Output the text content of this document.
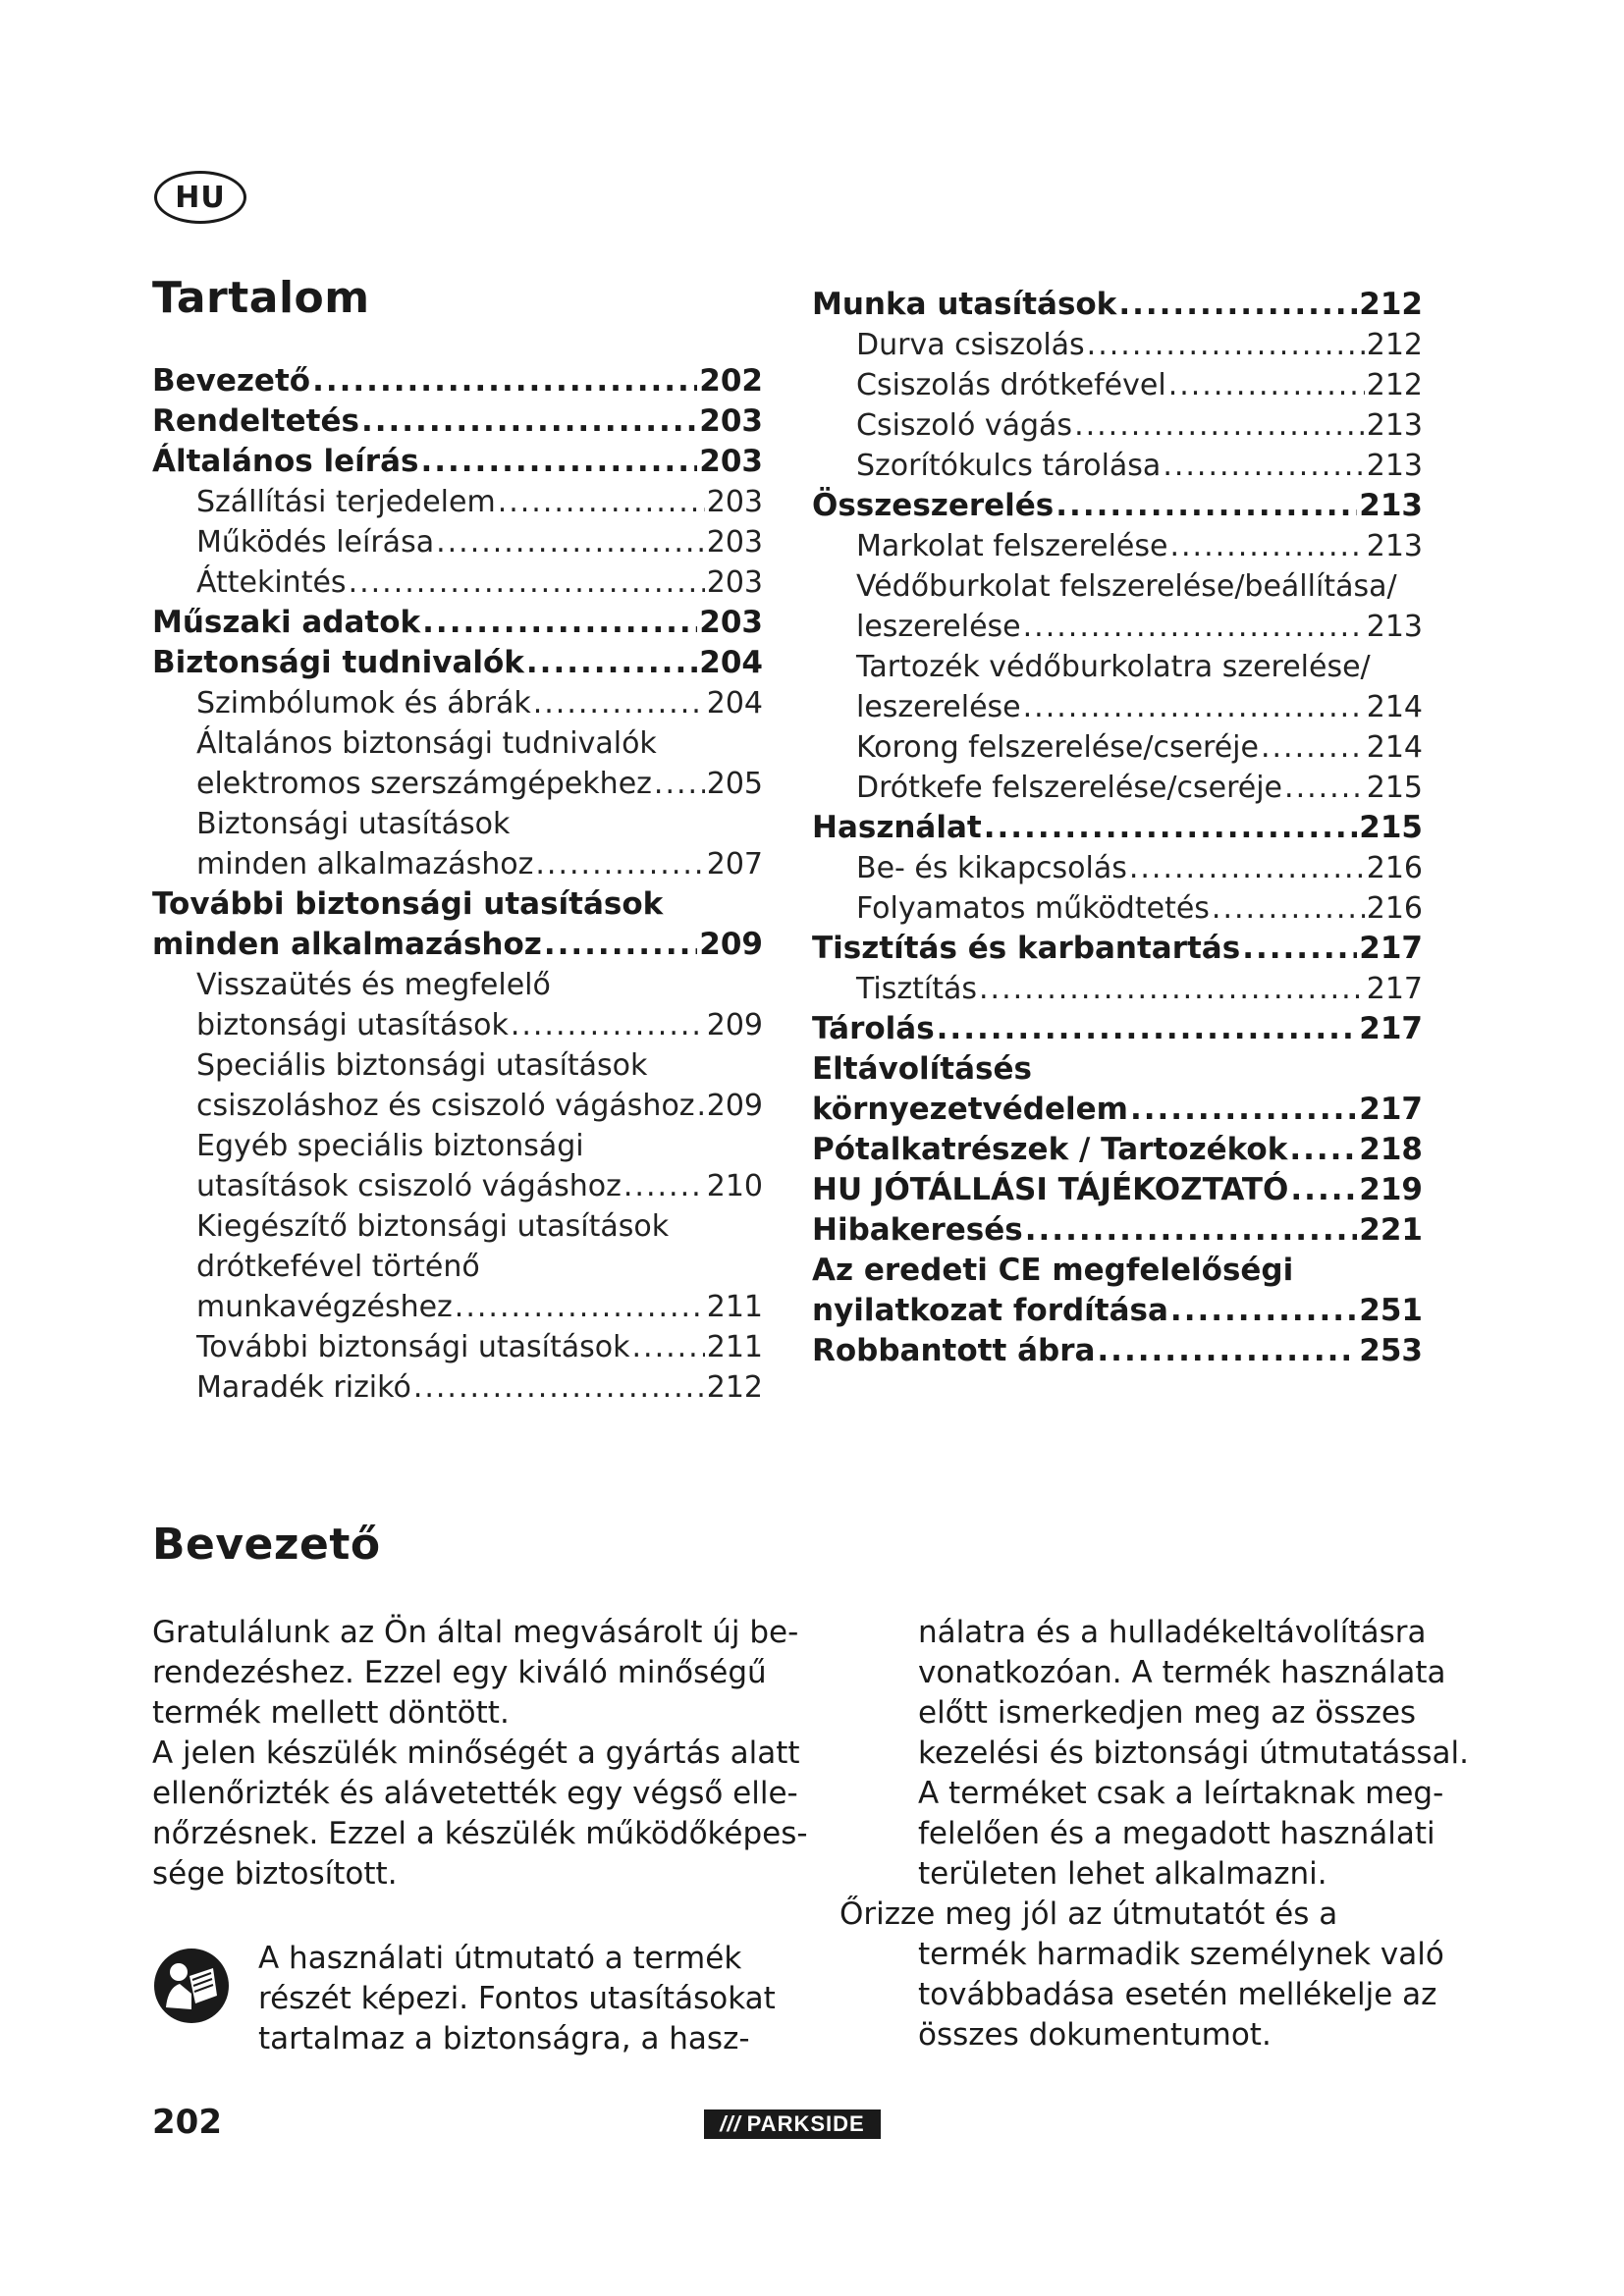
HU
Tartalom
Bevezető .....	202
Rendeltetés .....	203
Általános leírás .....	203
Szállítási terjedelem .....	203
Működés leírása .....	203
Áttekintés .....	203
Műszaki adatok .....	203
Biztonsági tudnivalók .....	204
Szimbólumok és ábrák .....	204
Általános biztonsági tudnivalók
elektromos szerszámgépekhez ..... 205
Biztonsági utasítások
minden alkalmazáshoz .....	207
További biztonsági utasítások
minden alkalmazáshoz .....	209
Visszaütés és megfelelő
biztonsági utasítások .....	209
Speciális biztonsági utasítások
csiszoláshoz és csiszoló vágáshoz ..... 209
Egyéb speciális biztonsági
utasítások csiszoló vágáshoz .....	210
Kiegészítő biztonsági utasítások
drótkefével történő
munkavégzéshez .....	211
További biztonsági utasítások .....	211
Maradék rizikó .....	212
Munka utasítások .....	212
Durva csiszolás .....	212
Csiszolás drótkefével .....	212
Csiszoló vágás .....	213
Szorítókulcs tárolása .....	213
Összeszerelés .....	213
Markolat felszerelése .....	213
Védőburkolat felszerelése/beállítása/
leszerelése .....	213
Tartozék védőburkolatra szerelése/
leszerelése .....	214
Korong felszerelése/cseréje .....	214
Drótkefe felszerelése/cseréje .....	215
Használat .....	215
Be- és kikapcsolás .....	216
Folyamatos működtetés .....	216
Tisztítás és karbantartás .....	217
Tisztítás .....	217
Tárolás .....	217
Eltávolításés
környezetvédelem .....	217
Pótalkatrészek / Tartozékok ..... 218
HU JÓTÁLLÁSI TÁJÉKOZTATÓ ..... 219
Hibakeresés .....	221
Az eredeti CE megfelelőségi
nyilatkozat fordítása .....	251
Robbantott ábra .....	253
Bevezető
Gratulálunk az Ön által megvásárolt új be-
rendezéshez. Ezzel egy kiváló minőségű
termék mellett döntött.
A jelen készülék minőségét a gyártás alatt
ellenőrizték és alávetették egy végső elle-
nőrzésnek. Ezzel a készülék működőképes-
sége biztosított.
A használati útmutató a termék
részét képezi. Fontos utasításokat
tartalmaz a biztonságra, a hasz-
nálatra és a hulladékeltávolításra
vonatkozóan. A termék használata
előtt ismerkedjen meg az összes
kezelési és biztonsági útmutatással.
A terméket csak a leírtaknak meg-
felelően és a megadott használati
területen lehet alkalmazni.
Őrizze meg jól az útmutatót és a
termék harmadik személynek való
továbbadása esetén mellékelje az
összes dokumentumot.
202	/// PARKSIDE
